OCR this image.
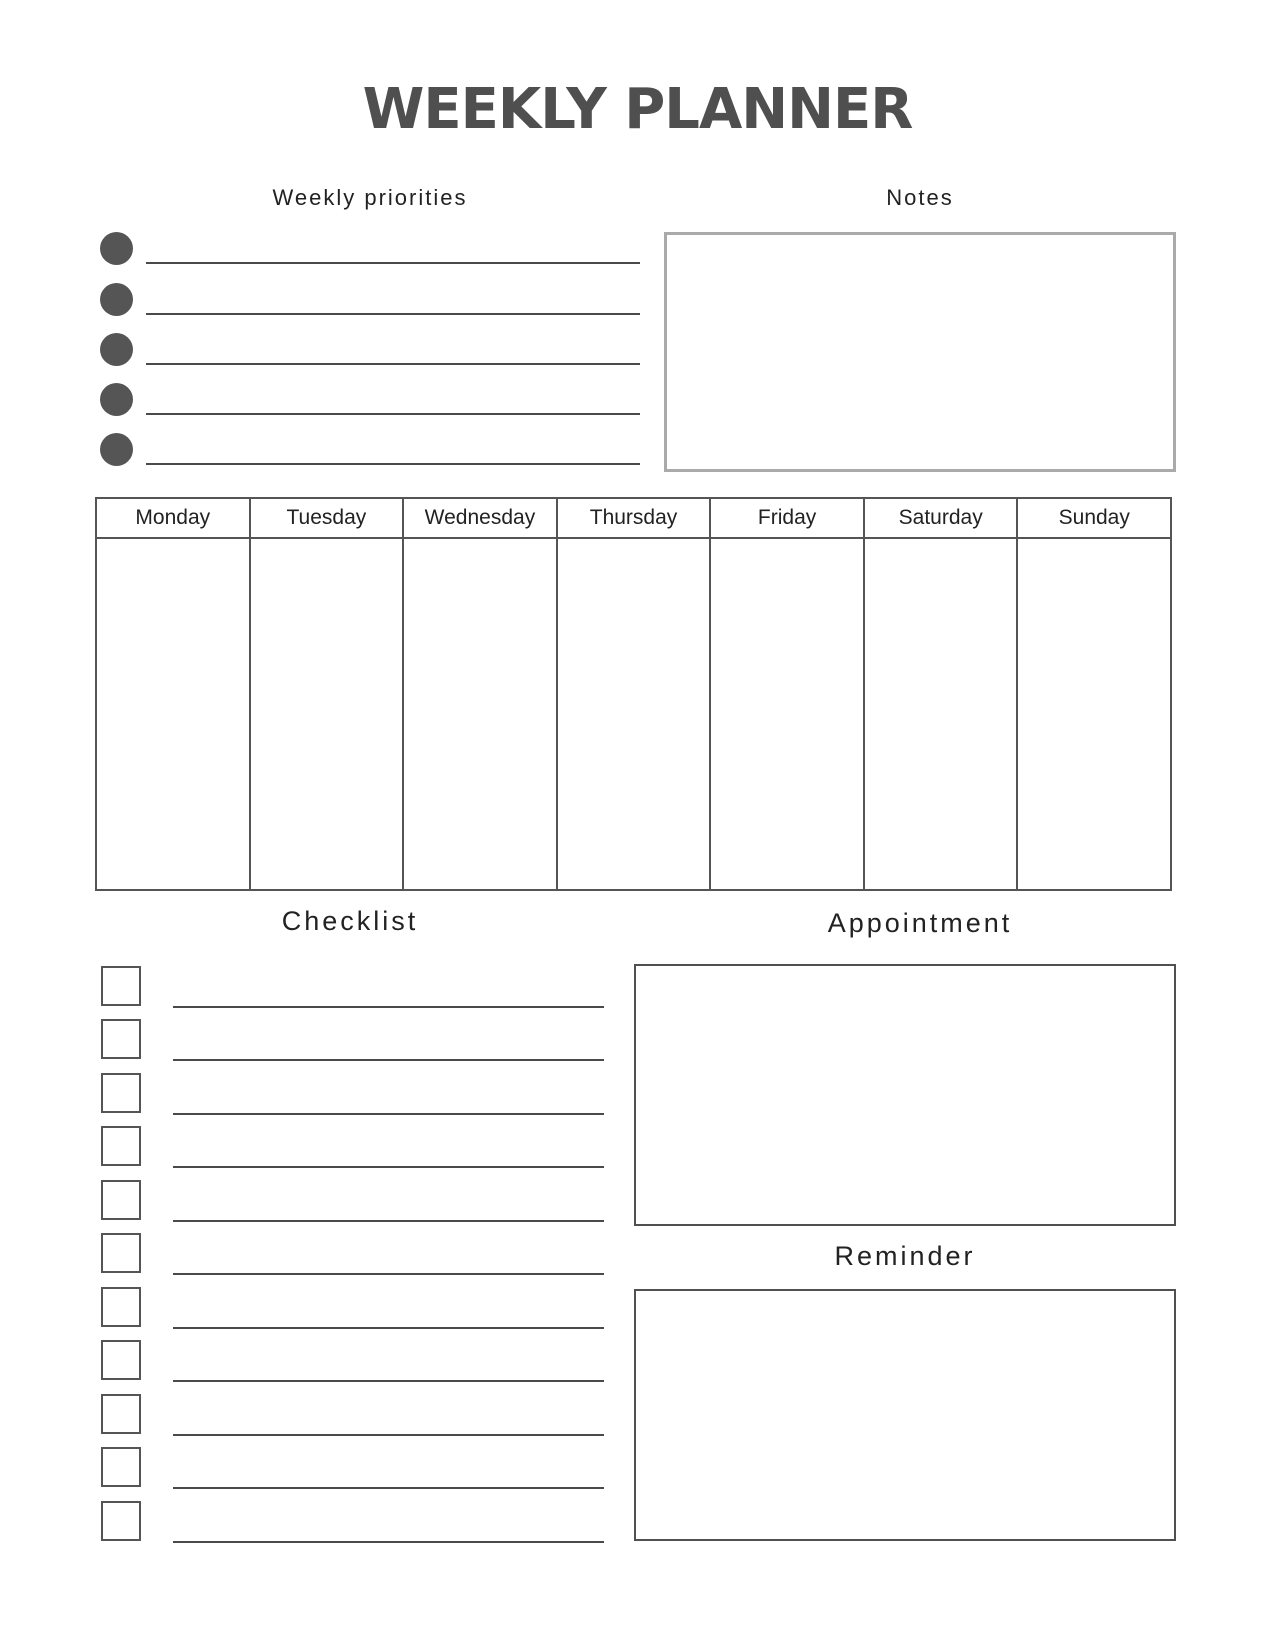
WEEKLY PLANNER
Weekly priorities	Notes
Monday	Tuesday	Wednesday	Thursday	Friday	Saturday	Sunday
Checklist	Appointment
Reminder
